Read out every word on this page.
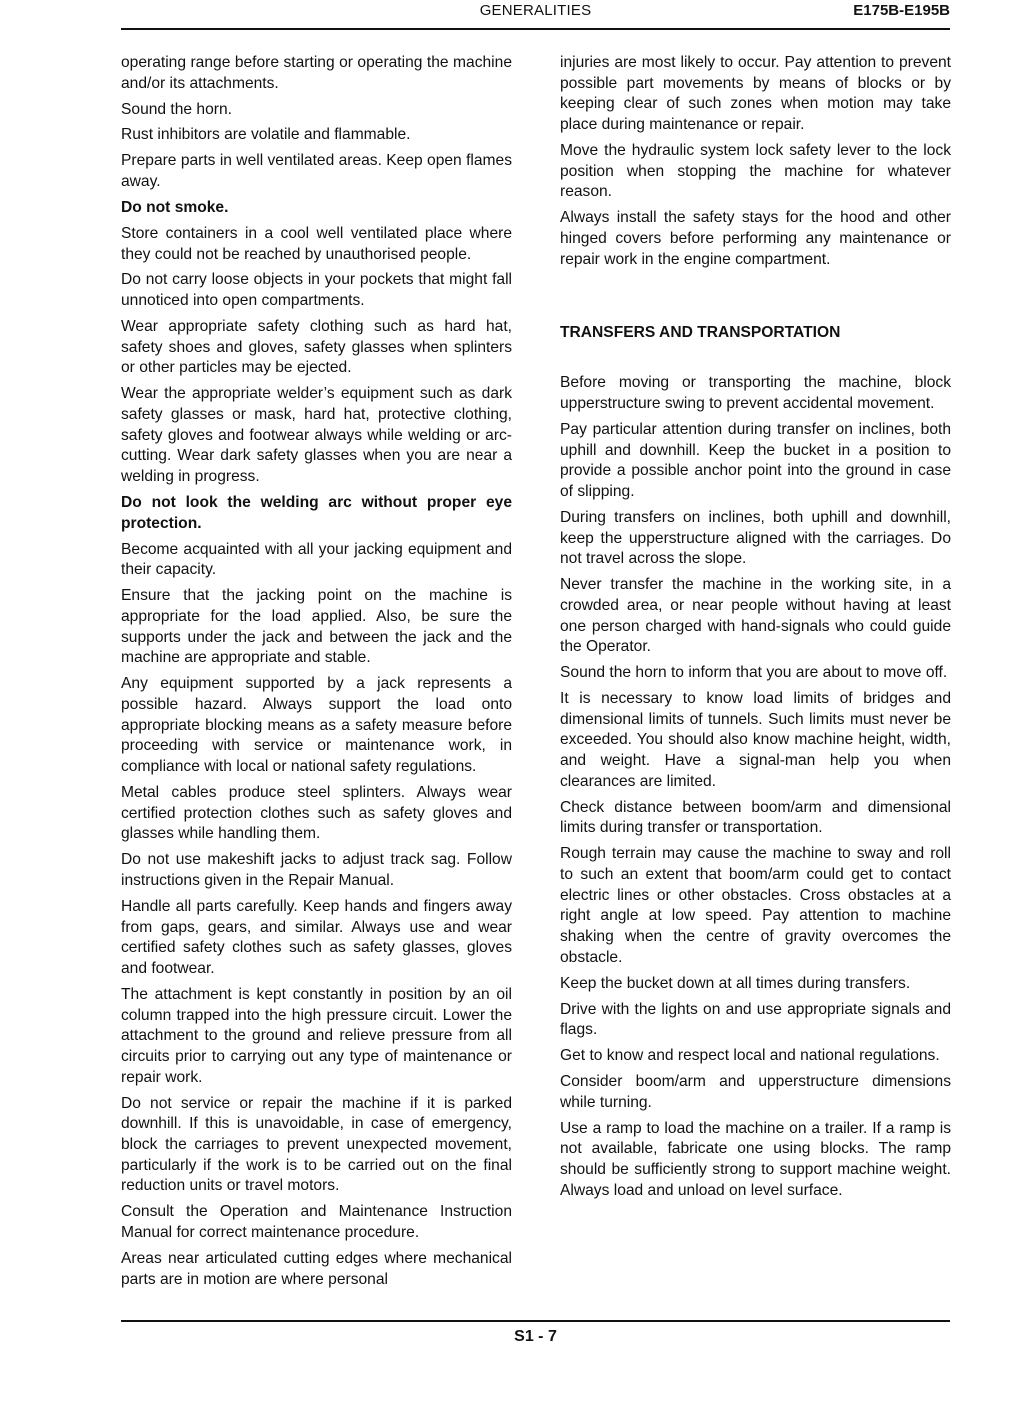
GENERALITIES	E175B-E195B

operating range before starting or operating the machine and/or its attachments.

Sound the horn.

Rust inhibitors are volatile and flammable.

Prepare parts in well ventilated areas. Keep open flames away.

Do not smoke.

Store containers in a cool well ventilated place where they could not be reached by unauthorised people.

Do not carry loose objects in your pockets that might fall unnoticed into open compartments.

Wear appropriate safety clothing such as hard hat, safety shoes and gloves, safety glasses when splinters or other particles may be ejected.

Wear the appropriate welder’s equipment such as dark safety glasses or mask, hard hat, protective clothing, safety gloves and footwear always while welding or arc-cutting. Wear dark safety glasses when you are near a welding in progress.

Do not look the welding arc without proper eye protection.

Become acquainted with all your jacking equipment and their capacity.

Ensure that the jacking point on the machine is appropriate for the load applied. Also, be sure the supports under the jack and between the jack and the machine are appropriate and stable.

Any equipment supported by a jack represents a possible hazard. Always support the load onto appropriate blocking means as a safety measure before proceeding with service or maintenance work, in compliance with local or national safety regulations.

Metal cables produce steel splinters. Always wear certified protection clothes such as safety gloves and glasses while handling them.

Do not use makeshift jacks to adjust track sag. Follow instructions given in the Repair Manual.

Handle all parts carefully. Keep hands and fingers away from gaps, gears, and similar. Always use and wear certified safety clothes such as safety glasses, gloves and footwear.

The attachment is kept constantly in position by an oil column trapped into the high pressure circuit. Lower the attachment to the ground and relieve pressure from all circuits prior to carrying out any type of maintenance or repair work.

Do not service or repair the machine if it is parked downhill. If this is unavoidable, in case of emergency, block the carriages to prevent unexpected movement, particularly if the work is to be carried out on the final reduction units or travel motors.

Consult the Operation and Maintenance Instruction Manual for correct maintenance procedure.

Areas near articulated cutting edges where mechanical parts are in motion are where personal

injuries are most likely to occur. Pay attention to prevent possible part movements by means of blocks or by keeping clear of such zones when motion may take place during maintenance or repair.

Move the hydraulic system lock safety lever to the lock position when stopping the machine for whatever reason.

Always install the safety stays for the hood and other hinged covers before performing any maintenance or repair work in the engine compartment.

TRANSFERS AND TRANSPORTATION

Before moving or transporting the machine, block upperstructure swing to prevent accidental movement.

Pay particular attention during transfer on inclines, both uphill and downhill. Keep the bucket in a position to provide a possible anchor point into the ground in case of slipping.

During transfers on inclines, both uphill and downhill, keep the upperstructure aligned with the carriages. Do not travel across the slope.

Never transfer the machine in the working site, in a crowded area, or near people without having at least one person charged with hand-signals who could guide the Operator.

Sound the horn to inform that you are about to move off.

It is necessary to know load limits of bridges and dimensional limits of tunnels. Such limits must never be exceeded. You should also know machine height, width, and weight. Have a signal-man help you when clearances are limited.

Check distance between boom/arm and dimensional limits during transfer or transportation.

Rough terrain may cause the machine to sway and roll to such an extent that boom/arm could get to contact electric lines or other obstacles. Cross obstacles at a right angle at low speed. Pay attention to machine shaking when the centre of gravity overcomes the obstacle.

Keep the bucket down at all times during transfers.

Drive with the lights on and use appropriate signals and flags.

Get to know and respect local and national regulations.

Consider boom/arm and upperstructure dimensions while turning.

Use a ramp to load the machine on a trailer. If a ramp is not available, fabricate one using blocks. The ramp should be sufficiently strong to support machine weight. Always load and unload on level surface.

S1 - 7
